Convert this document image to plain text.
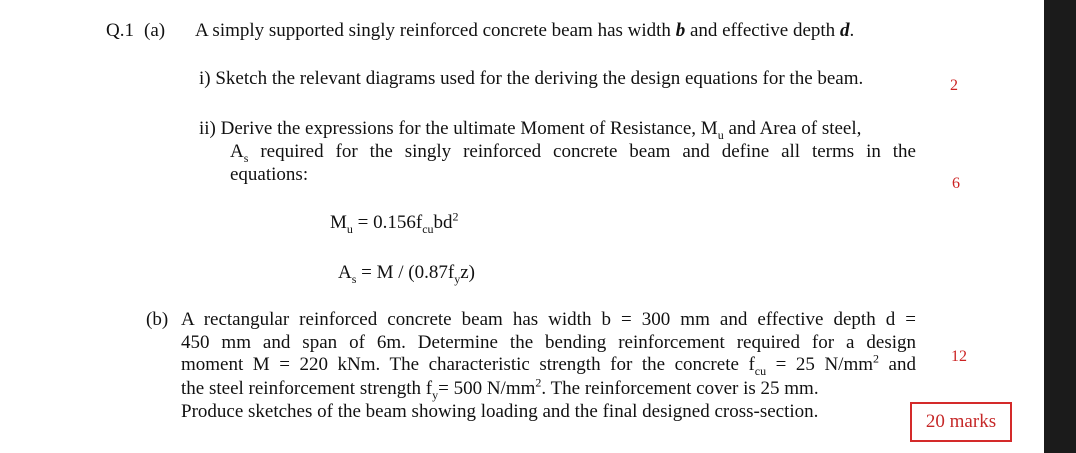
Q.1 (a) A simply supported singly reinforced concrete beam has width b and effective depth d.
i) Sketch the relevant diagrams used for the deriving the design equations for the beam.	2
ii) Derive the expressions for the ultimate Moment of Resistance, $M_u$ and Area of steel,
$A_s$ required for the singly reinforced concrete beam and define all terms in the
equations:	6
$M_u = 0.156f_{cu}bd^2$
$A_s = M / (0.87f_yz)$
(b) A rectangular reinforced concrete beam has width b = 300 mm and effective depth d =
450 mm and span of 6m. Determine the bending reinforcement required for a design
moment M = 220 kNm. The characteristic strength for the concrete $f_{cu} = 25$ $N/mm^2$ and
the steel reinforcement strength $f_y= 500$ $N/mm^2$. The reinforcement cover is 25 mm.
Produce sketches of the beam showing loading and the final designed cross-section.
12
20 marks
